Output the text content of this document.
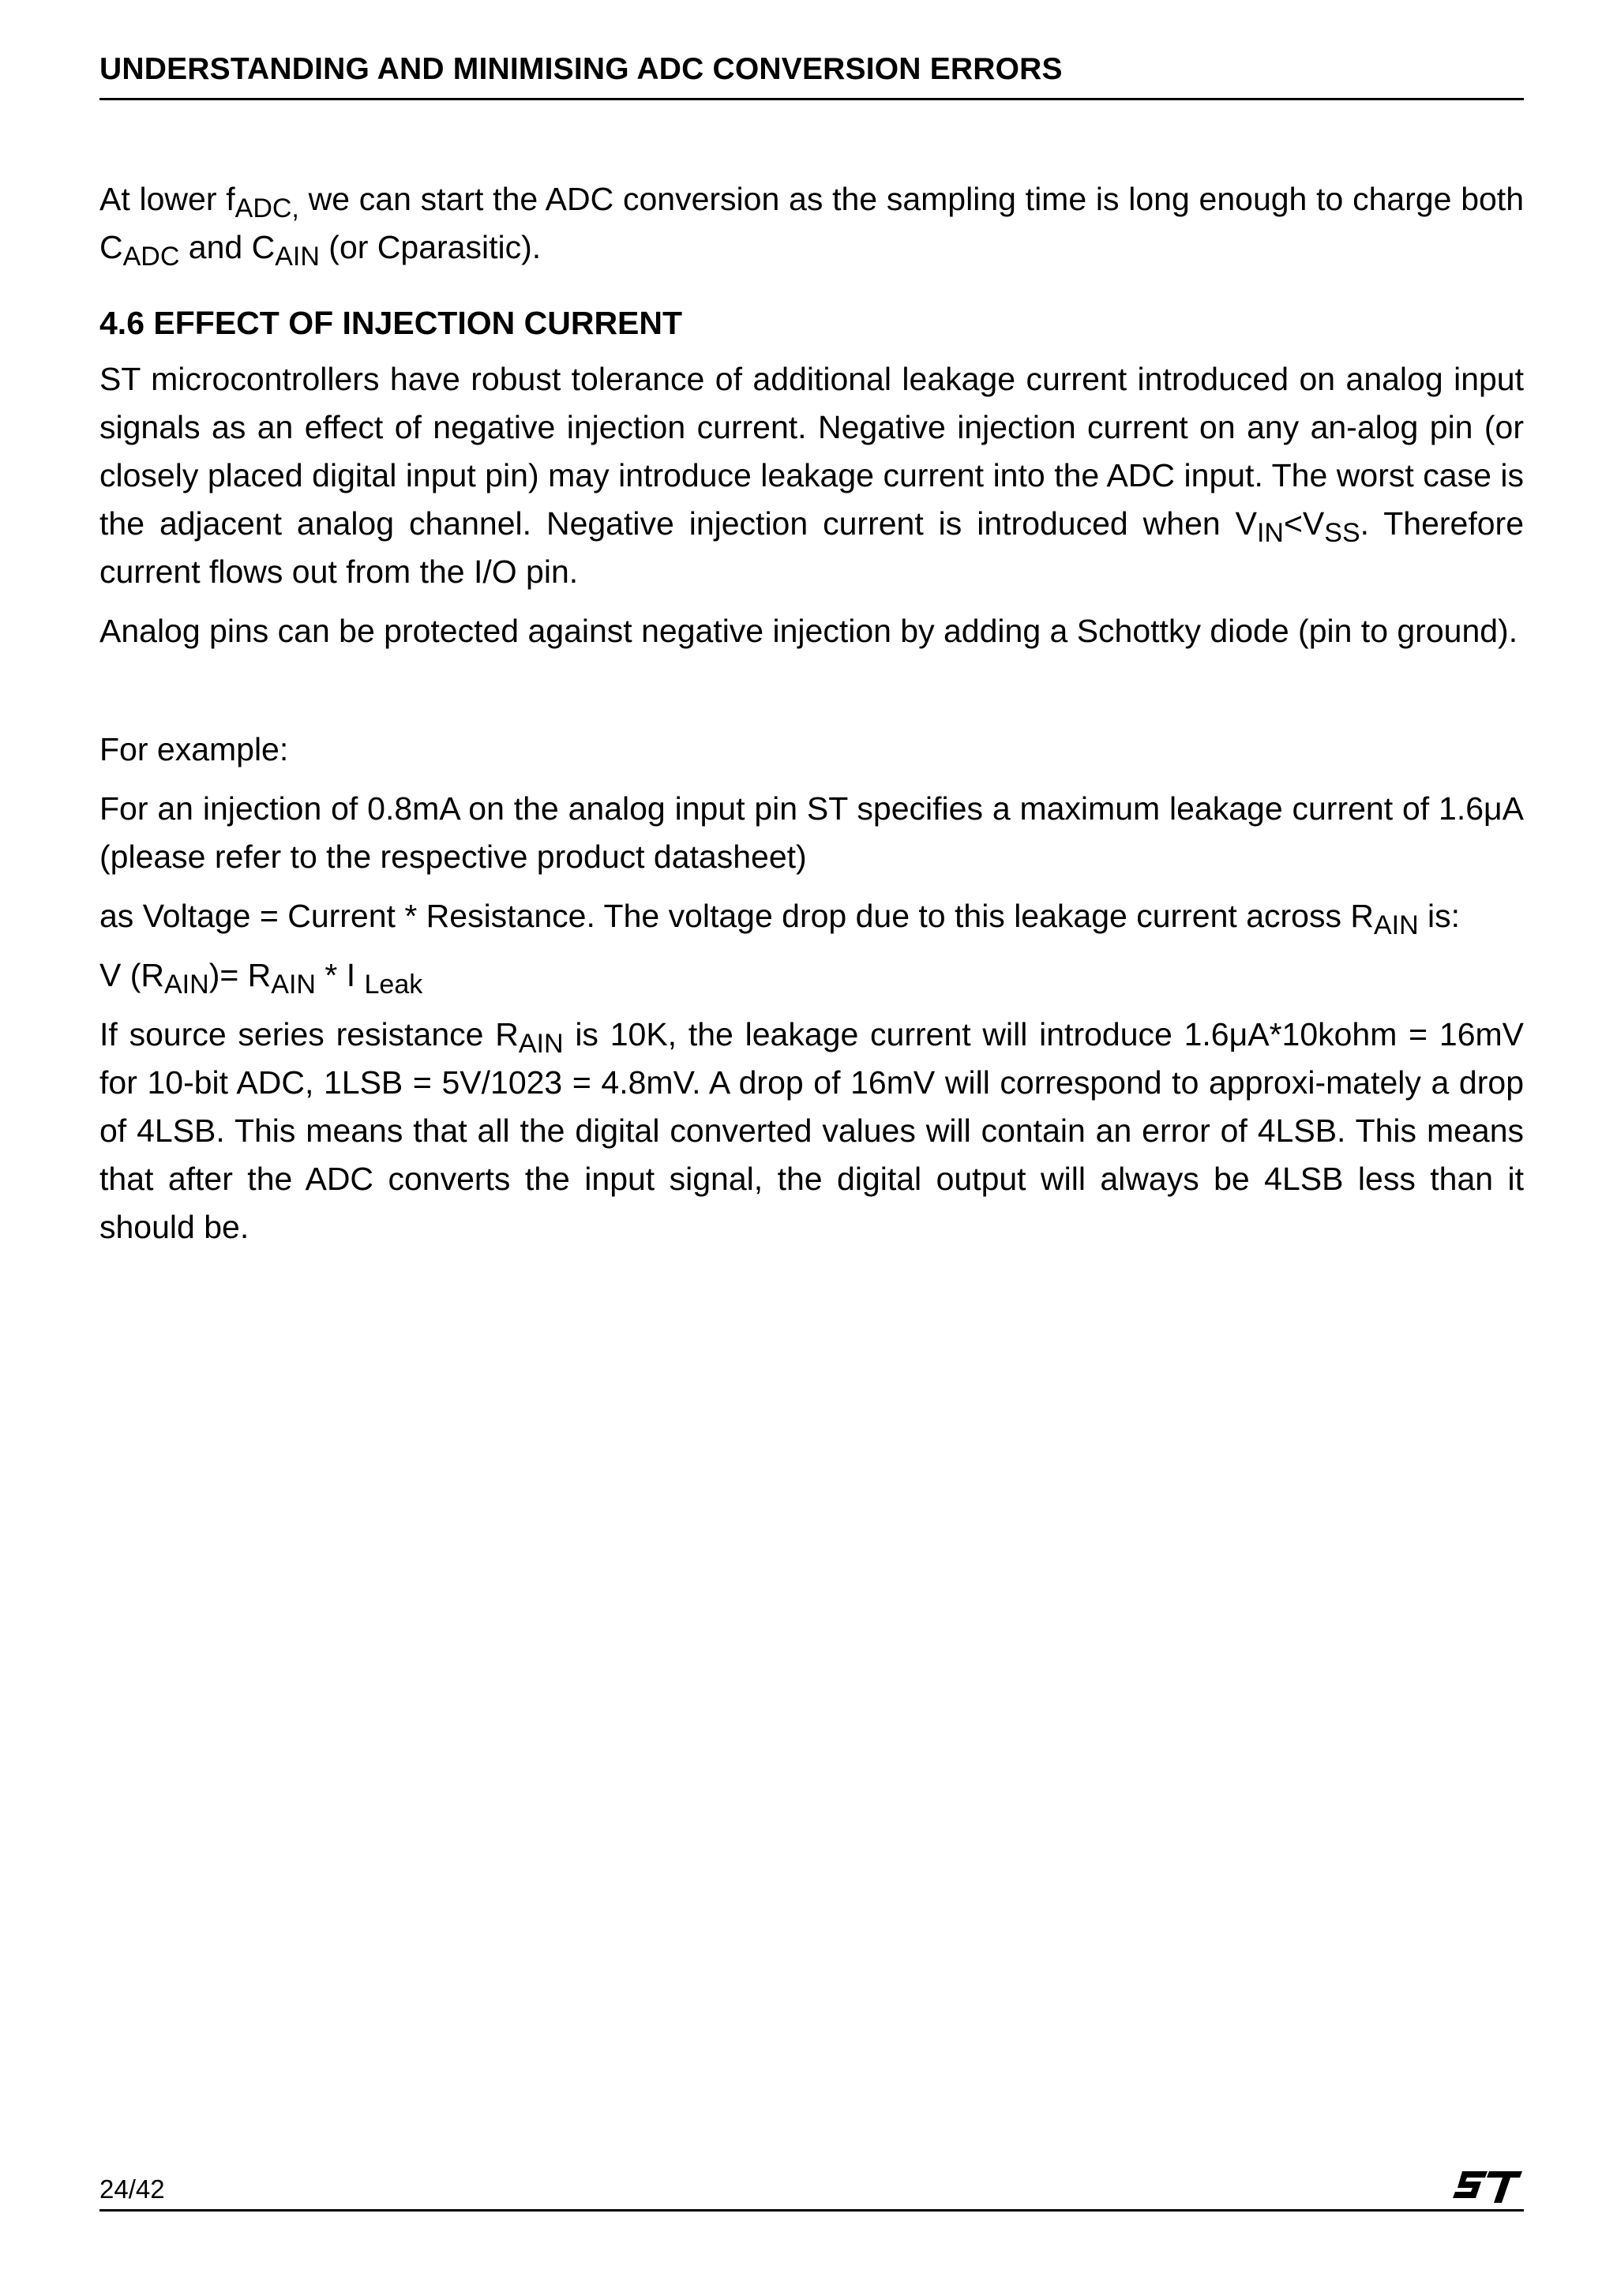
UNDERSTANDING AND MINIMISING ADC CONVERSION ERRORS

At lower $f_{ADC,}$ we can start the ADC conversion as the sampling time is long enough to charge both $C_{ADC}$ and $C_{AIN}$ (or Cparasitic).

4.6 EFFECT OF INJECTION CURRENT

ST microcontrollers have robust tolerance of additional leakage current introduced on analog input signals as an effect of negative injection current. Negative injection current on any an-alog pin (or closely placed digital input pin) may introduce leakage current into the ADC input. The worst case is the adjacent analog channel. Negative injection current is introduced when $V_{IN}<V_{SS}$. Therefore current flows out from the I/O pin.

Analog pins can be protected against negative injection by adding a Schottky diode (pin to ground).

For example:

For an injection of 0.8mA on the analog input pin ST specifies a maximum leakage current of 1.6μA (please refer to the respective product datasheet)

as Voltage = Current * Resistance. The voltage drop due to this leakage current across $R_{AIN}$ is:

V $(R_{AIN})= R_{AIN} * I$ $_{Leak}$

If source series resistance $R_{AIN}$ is 10K, the leakage current will introduce 1.6μA*10kohm = 16mV for 10-bit ADC, 1LSB = 5V/1023 = 4.8mV. A drop of 16mV will correspond to approxi-mately a drop of 4LSB. This means that all the digital converted values will contain an error of 4LSB. This means that after the ADC converts the input signal, the digital output will always be 4LSB less than it should be.

24/42
